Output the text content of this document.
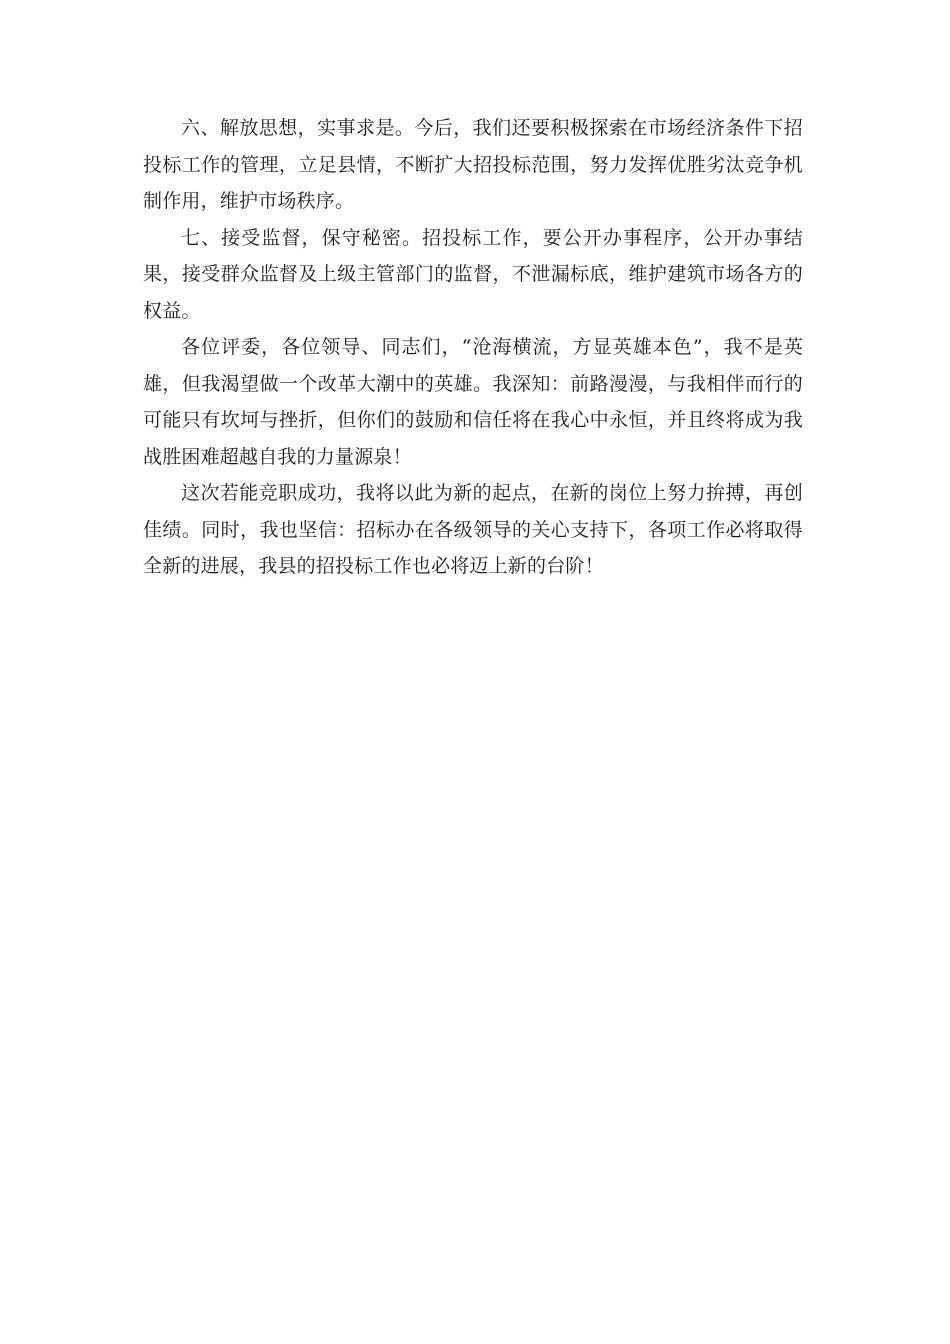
六、解放思想，实事求是。今后，我们还要积极探索在市场经济条件下招投标工作的管理，立足县情，不断扩大招投标范围，努力发挥优胜劣汰竞争机制作用，维护市场秩序。

七、接受监督，保守秘密。招投标工作，要公开办事程序，公开办事结果，接受群众监督及上级主管部门的监督，不泄漏标底，维护建筑市场各方的权益。

各位评委，各位领导、同志们，“沧海横流，方显英雄本色”，我不是英雄，但我渴望做一个改革大潮中的英雄。我深知：前路漫漫，与我相伴而行的可能只有坎坷与挫折，但你们的鼓励和信任将在我心中永恒，并且终将成为我战胜困难超越自我的力量源泉！

这次若能竞职成功，我将以此为新的起点，在新的岗位上努力拚搏，再创佳绩。同时，我也坚信：招标办在各级领导的关心支持下，各项工作必将取得全新的进展，我县的招投标工作也必将迈上新的台阶！
